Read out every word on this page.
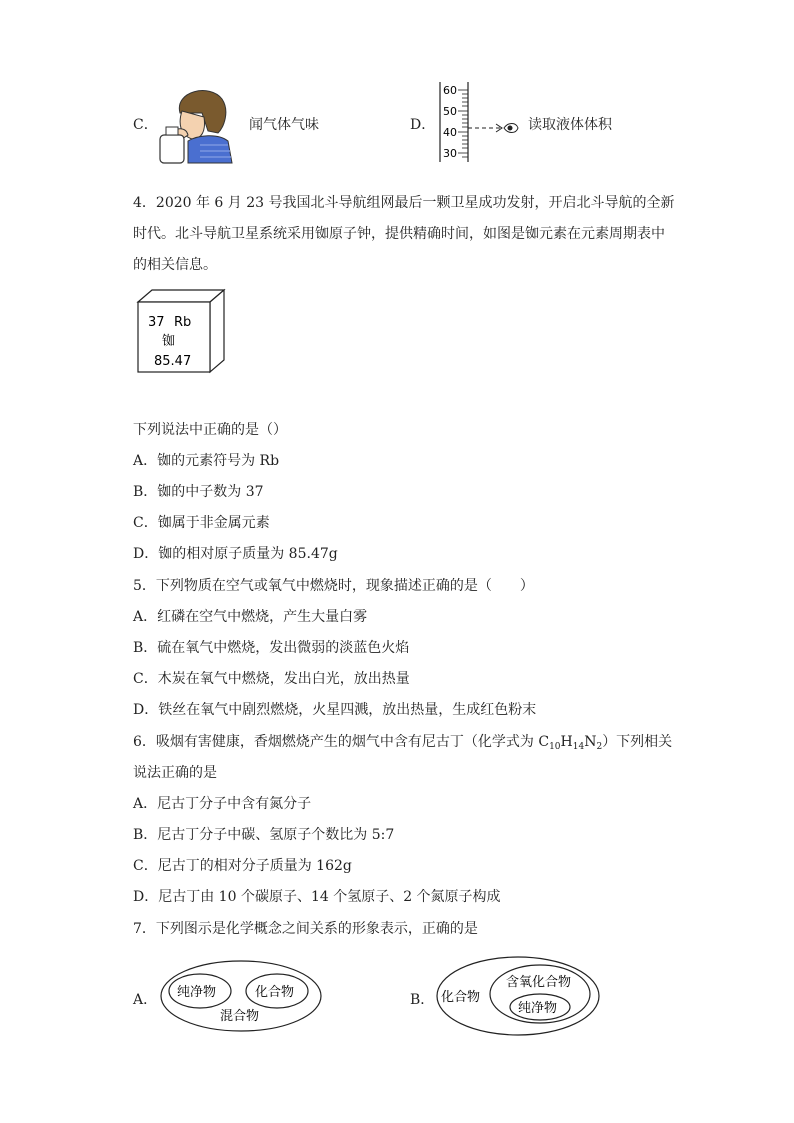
C．	闻气体气味	D．
60
50
40
30
读取液体体积
4．2020 年 6 月 23 号我国北斗导航组网最后一颗卫星成功发射，开启北斗导航的全新
时代。北斗导航卫星系统采用铷原子钟，提供精确时间，如图是铷元素在元素周期表中
的相关信息。
37 Rb
铷
85.47
下列说法中正确的是（）
A．铷的元素符号为 Rb
B．铷的中子数为 37
C．铷属于非金属元素
D．铷的相对原子质量为 85.47g
5．下列物质在空气或氧气中燃烧时，现象描述正确的是（　　）
A．红磷在空气中燃烧，产生大量白雾
B．硫在氧气中燃烧，发出微弱的淡蓝色火焰
C．木炭在氧气中燃烧，发出白光，放出热量
D．铁丝在氧气中剧烈燃烧，火星四溅，放出热量，生成红色粉末
6．吸烟有害健康，香烟燃烧产生的烟气中含有尼古丁（化学式为 $C_{10}H_{14}N_2$）下列相关
说法正确的是
A．尼古丁分子中含有氮分子
B．尼古丁分子中碳、氢原子个数比为 5:7
C．尼古丁的相对分子质量为 162g
D．尼古丁由 10 个碳原子、14 个氢原子、2 个氮原子构成
7．下列图示是化学概念之间关系的形象表示，正确的是
A． 纯净物	化合物
混合物
B． 化合物
含氧化合物
纯净物
